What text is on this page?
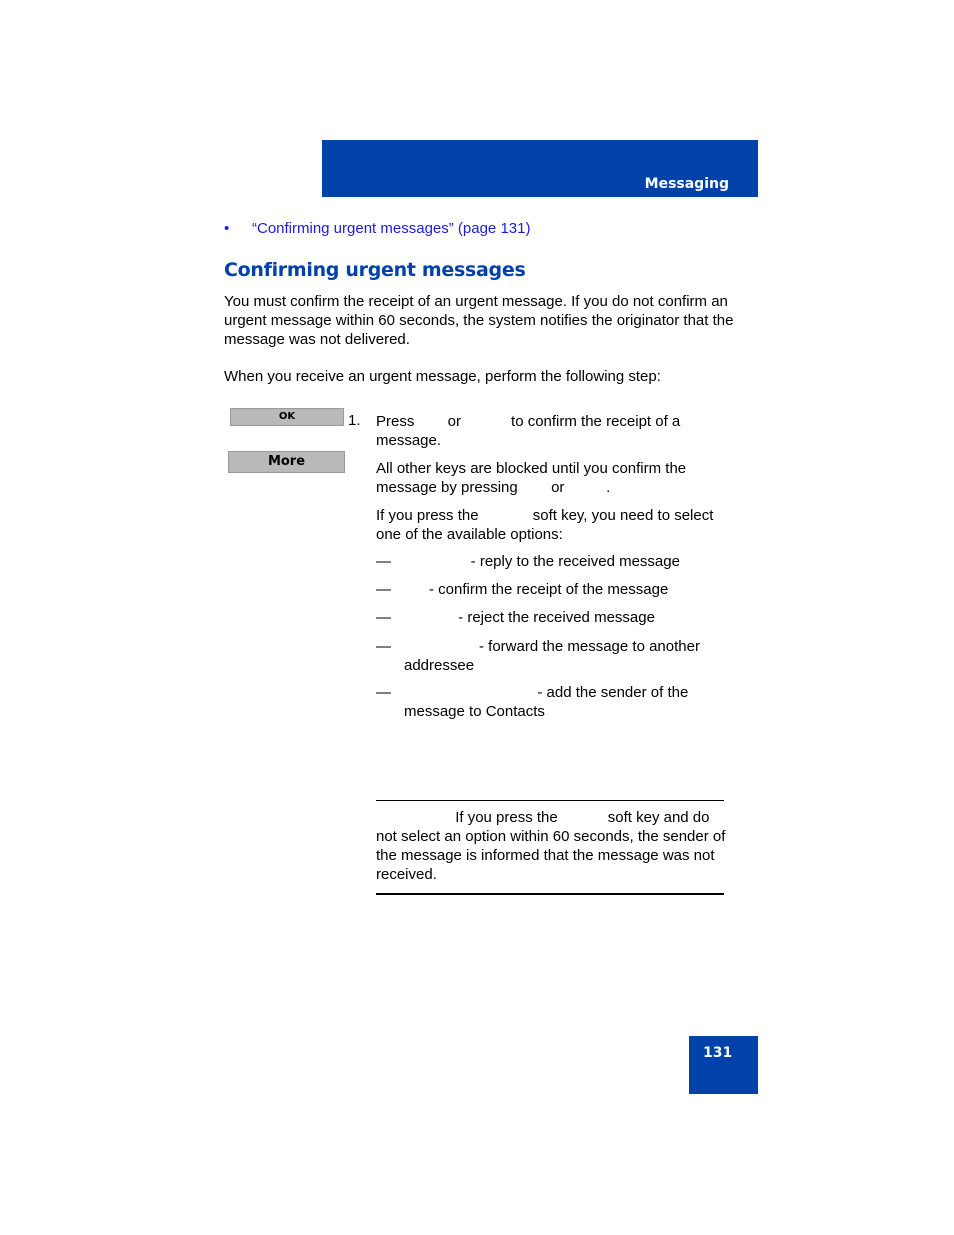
Messaging
• “Confirming urgent messages” (page 131)
Confirming urgent messages
You must confirm the receipt of an urgent message. If you do not confirm an urgent message within 60 seconds, the system notifies the originator that the message was not delivered.
When you receive an urgent message, perform the following step:
OK
More
1. Press        or            to confirm the receipt of a message.
All other keys are blocked until you confirm the message by pressing        or          .
If you press the             soft key, you need to select one of the available options:
—                - reply to the received message
—      - confirm the receipt of the message
—             - reject the received message
—                  - forward the message to another
addressee
—                                - add the sender of the
message to Contacts
If you press the            soft key and do not select an option within 60 seconds, the sender of the message is informed that the message was not received.
131
